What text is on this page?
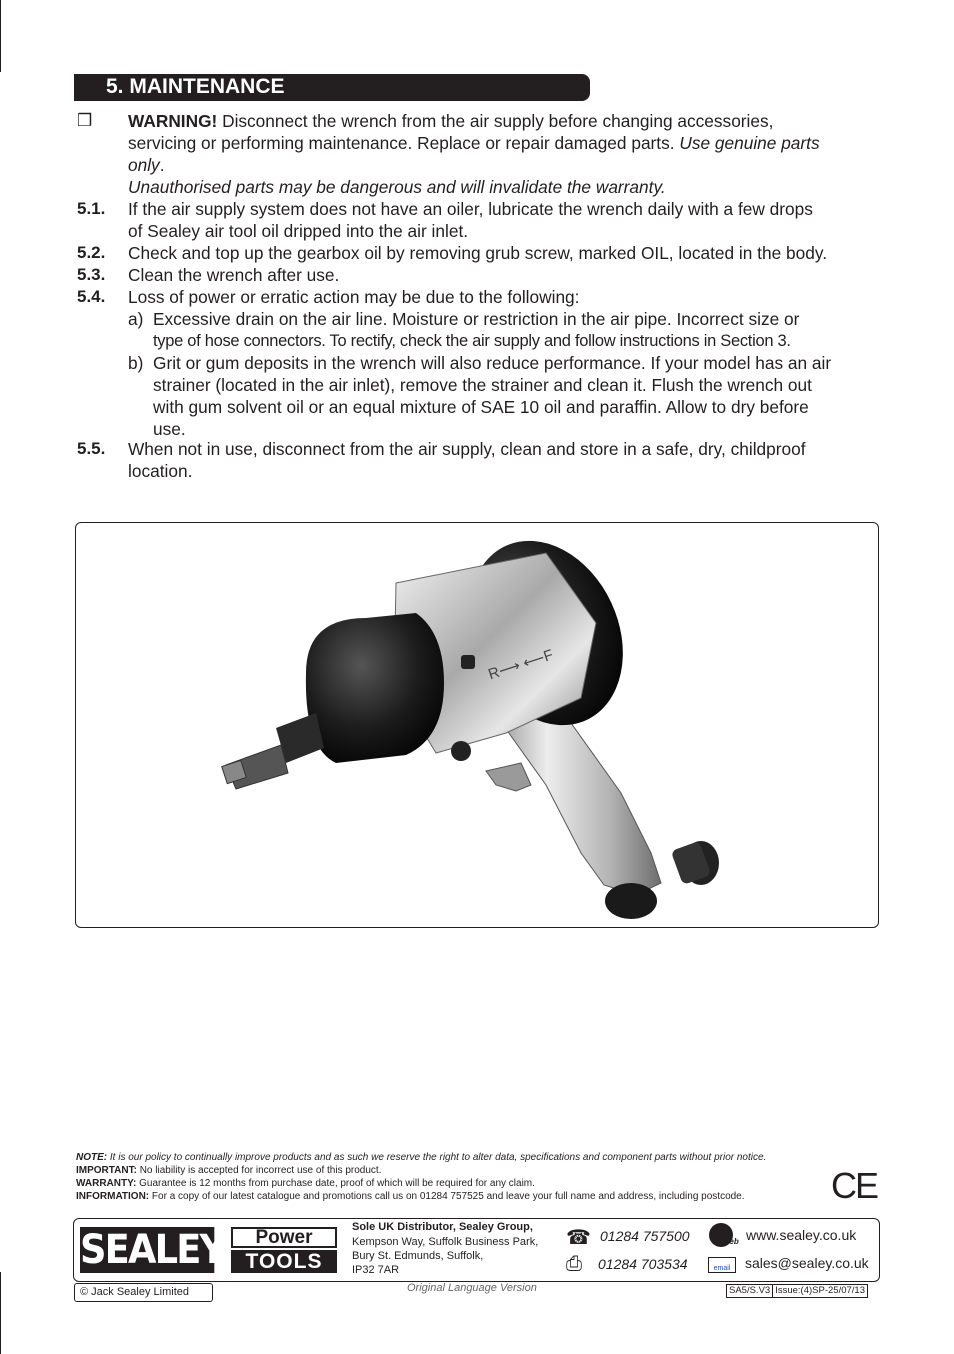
5. MAINTENANCE
❒ WARNING! Disconnect the wrench from the air supply before changing accessories,
servicing or performing maintenance. Replace or repair damaged parts. Use genuine parts
only.
Unauthorised parts may be dangerous and will invalidate the warranty.
5.1. If the air supply system does not have an oiler, lubricate the wrench daily with a few drops
of Sealey air tool oil dripped into the air inlet.
5.2. Check and top up the gearbox oil by removing grub screw, marked OIL, located in the body.
5.3. Clean the wrench after use.
5.4. Loss of power or erratic action may be due to the following:
a) Excessive drain on the air line. Moisture or restriction in the air pipe. Incorrect size or
type of hose connectors. To rectify, check the air supply and follow instructions in Section 3.
b) Grit or gum deposits in the wrench will also reduce performance. If your model has an air
strainer (located in the air inlet), remove the strainer and clean it. Flush the wrench out
with gum solvent oil or an equal mixture of SAE 10 oil and paraffin. Allow to dry before
use.
5.5. When not in use, disconnect from the air supply, clean and store in a safe, dry, childproof
location.
R⟶ ⟵F
NOTE: It is our policy to continually improve products and as such we reserve the right to alter data, specifications and component parts without prior notice.
IMPORTANT: No liability is accepted for incorrect use of this product.
WARRANTY: Guarantee is 12 months from purchase date, proof of which will be required for any claim.
INFORMATION: For a copy of our latest catalogue and promotions call us on 01284 757525 and leave your full name and address, including postcode.	CE
SEALEY	Power
TOOLS
Sole UK Distributor, Sealey Group,
Kempson Way, Suffolk Business Park,
Bury St. Edmunds, Suffolk,
IP32 7AR
☎ 01284 757500
⎙ 01284 703534
Web www.sealey.co.uk
email	sales@sealey.co.uk
© Jack Sealey Limited	Original Language Version	SA5/S.V3 Issue:(4)SP-25/07/13
